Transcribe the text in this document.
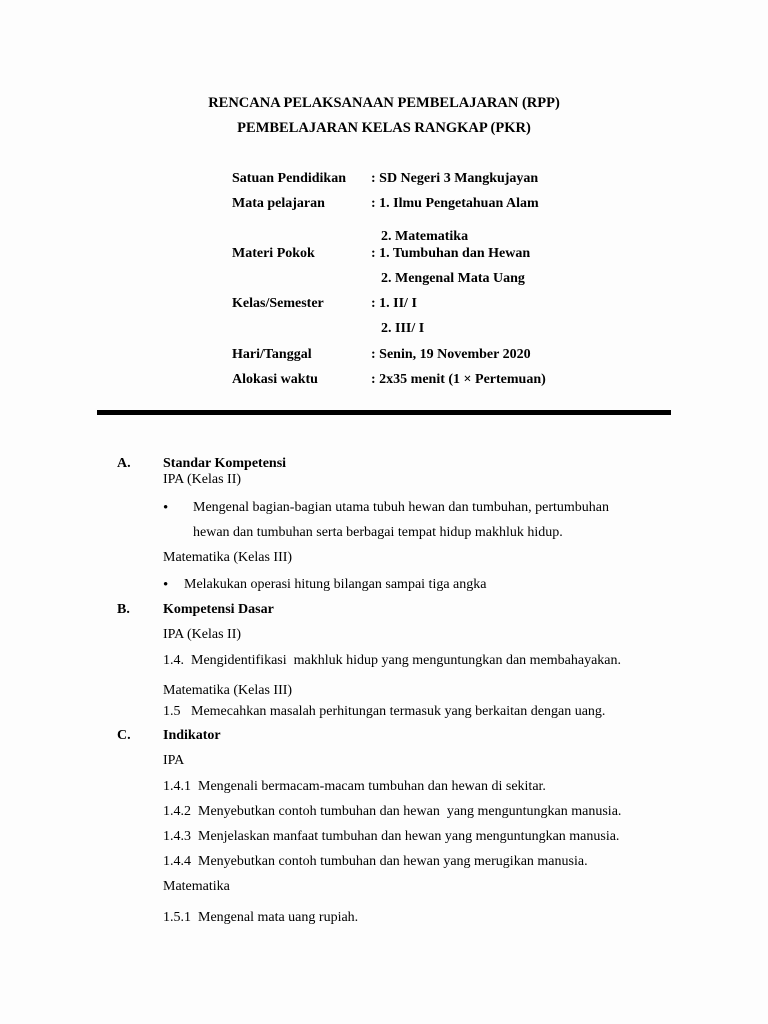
RENCANA PELAKSANAAN PEMBELAJARAN (RPP)
PEMBELAJARAN KELAS RANGKAP (PKR)
Satuan Pendidikan : SD Negeri 3 Mangkujayan
Mata pelajaran	: 1. Ilmu Pengetahuan Alam
2. Matematika
Materi Pokok	: 1. Tumbuhan dan Hewan
2. Mengenal Mata Uang
Kelas/Semester	: 1. II/ I
2. III/ I
Hari/Tanggal	: Senin, 19 November 2020
Alokasi waktu	: 2x35 menit (1 × Pertemuan)
A. Standar Kompetensi
IPA (Kelas II)
• Mengenal bagian-bagian utama tubuh hewan dan tumbuhan, pertumbuhan
hewan dan tumbuhan serta berbagai tempat hidup makhluk hidup.
Matematika (Kelas III)
• Melakukan operasi hitung bilangan sampai tiga angka
B. Kompetensi Dasar
IPA (Kelas II)
1.4.  Mengidentifikasi  makhluk hidup yang menguntungkan dan membahayakan.
Matematika (Kelas III)
1.5   Memecahkan masalah perhitungan termasuk yang berkaitan dengan uang.
C. Indikator
IPA
1.4.1  Mengenali bermacam-macam tumbuhan dan hewan di sekitar.
1.4.2  Menyebutkan contoh tumbuhan dan hewan  yang menguntungkan manusia.
1.4.3  Menjelaskan manfaat tumbuhan dan hewan yang menguntungkan manusia.
1.4.4  Menyebutkan contoh tumbuhan dan hewan yang merugikan manusia.
Matematika
1.5.1  Mengenal mata uang rupiah.
